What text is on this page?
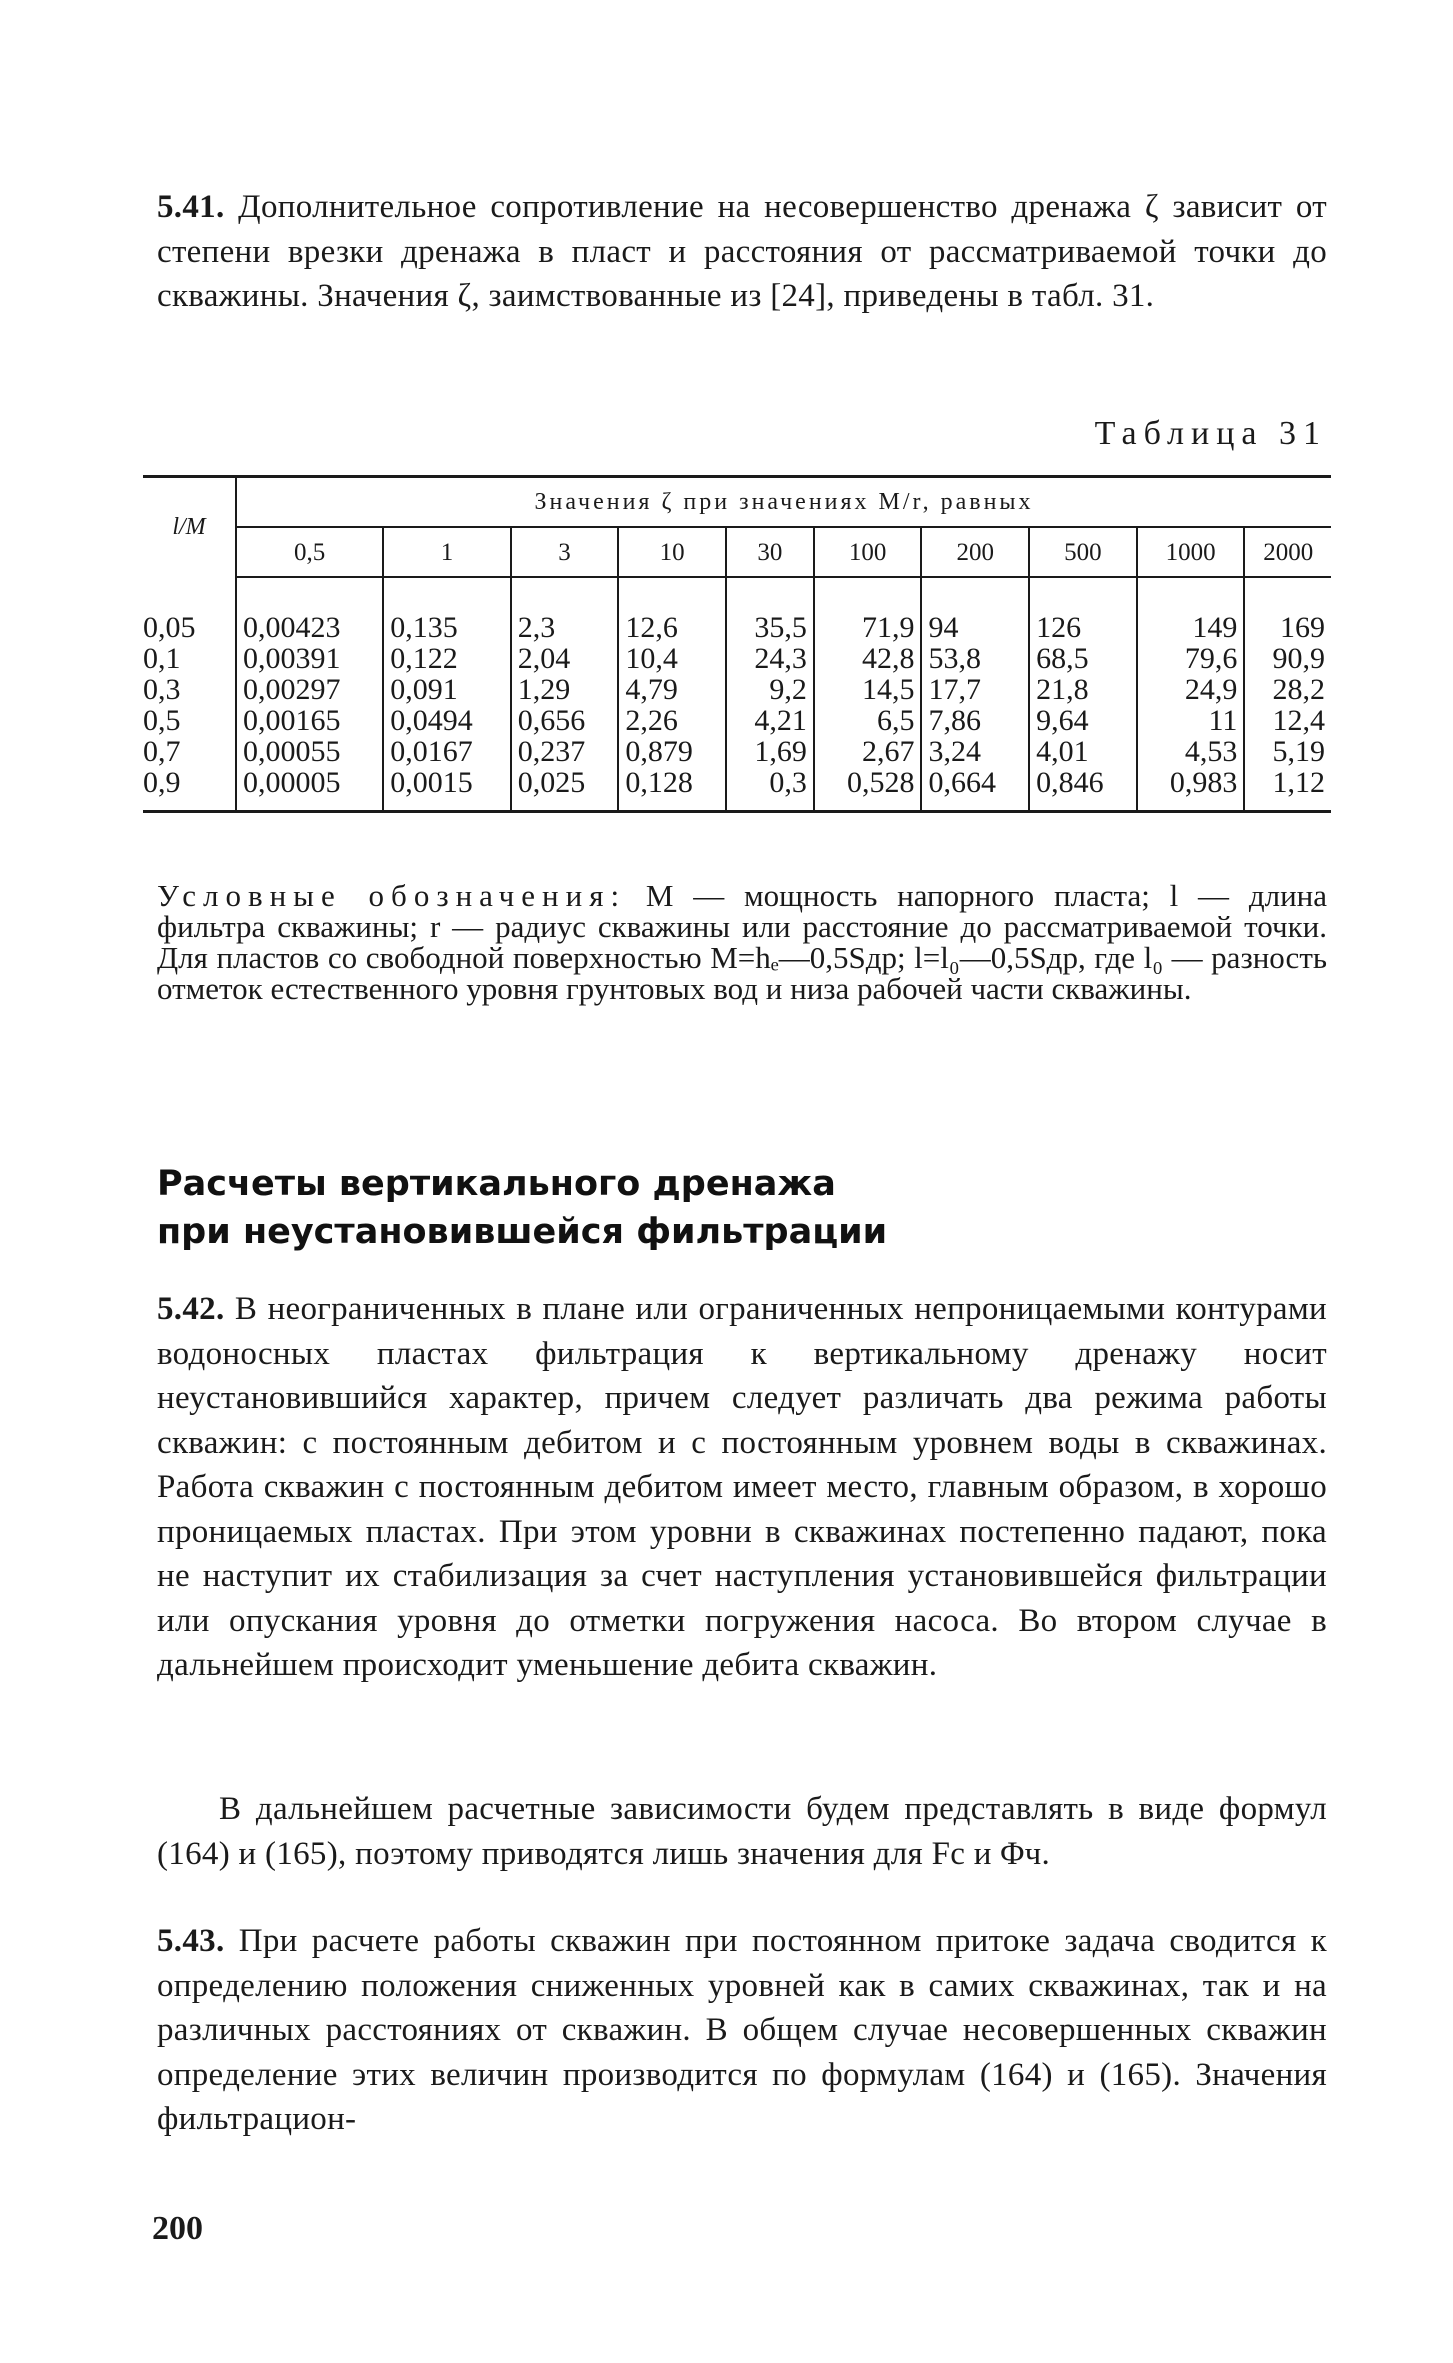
5.41. Дополнительное сопротивление на несовершенство дренажа ζ зависит от степени врезки дренажа в пласт и расстояния от рассматриваемой точки до скважины. Значения ζ, заимствованные из [24], приведены в табл. 31.
Таблица 31
l/M	Значения ζ при значениях M/r, равных									
	0,5	1	3	10	30	100	200	500	1000	2000
0,05	0,00423	0,135	2,3	12,6	35,5	71,9	94	126	149	169
0,1	0,00391	0,122	2,04	10,4	24,3	42,8	53,8	68,5	79,6	90,9
0,3	0,00297	0,091	1,29	4,79	9,2	14,5	17,7	21,8	24,9	28,2
0,5	0,00165	0,0494	0,656	2,26	4,21	6,5	7,86	9,64	11	12,4
0,7	0,00055	0,0167	0,237	0,879	1,69	2,67	3,24	4,01	4,53	5,19
0,9	0,00005	0,0015	0,025	0,128	0,3	0,528	0,664	0,846	0,983	1,12
Условные обозначения: M — мощность напорного пласта; l — длина фильтра скважины; r — радиус скважины или расстояние до рассматриваемой точки. Для пластов со свободной поверхностью M=hₑ—0,5Sдр; l=l₀—0,5Sдр, где l₀ — разность отметок естественного уровня грунтовых вод и низа рабочей части скважины.
Расчеты вертикального дренажа
при неустановившейся фильтрации
5.42. В неограниченных в плане или ограниченных непроницаемыми контурами водоносных пластах фильтрация к вертикальному дренажу носит неустановившийся характер, причем следует различать два режима работы скважин: с постоянным дебитом и с постоянным уровнем воды в скважинах. Работа скважин с постоянным дебитом имеет место, главным образом, в хорошо проницаемых пластах. При этом уровни в скважинах постепенно падают, пока не наступит их стабилизация за счет наступления установившейся фильтрации или опускания уровня до отметки погружения насоса. Во втором случае в дальнейшем происходит уменьшение дебита скважин.
В дальнейшем расчетные зависимости будем представлять в виде формул (164) и (165), поэтому приводятся лишь значения для Fс и Φч.
5.43. При расчете работы скважин при постоянном притоке задача сводится к определению положения сниженных уровней как в самих скважинах, так и на различных расстояниях от скважин. В общем случае несовершенных скважин определение этих величин производится по формулам (164) и (165). Значения фильтрацион-
200
